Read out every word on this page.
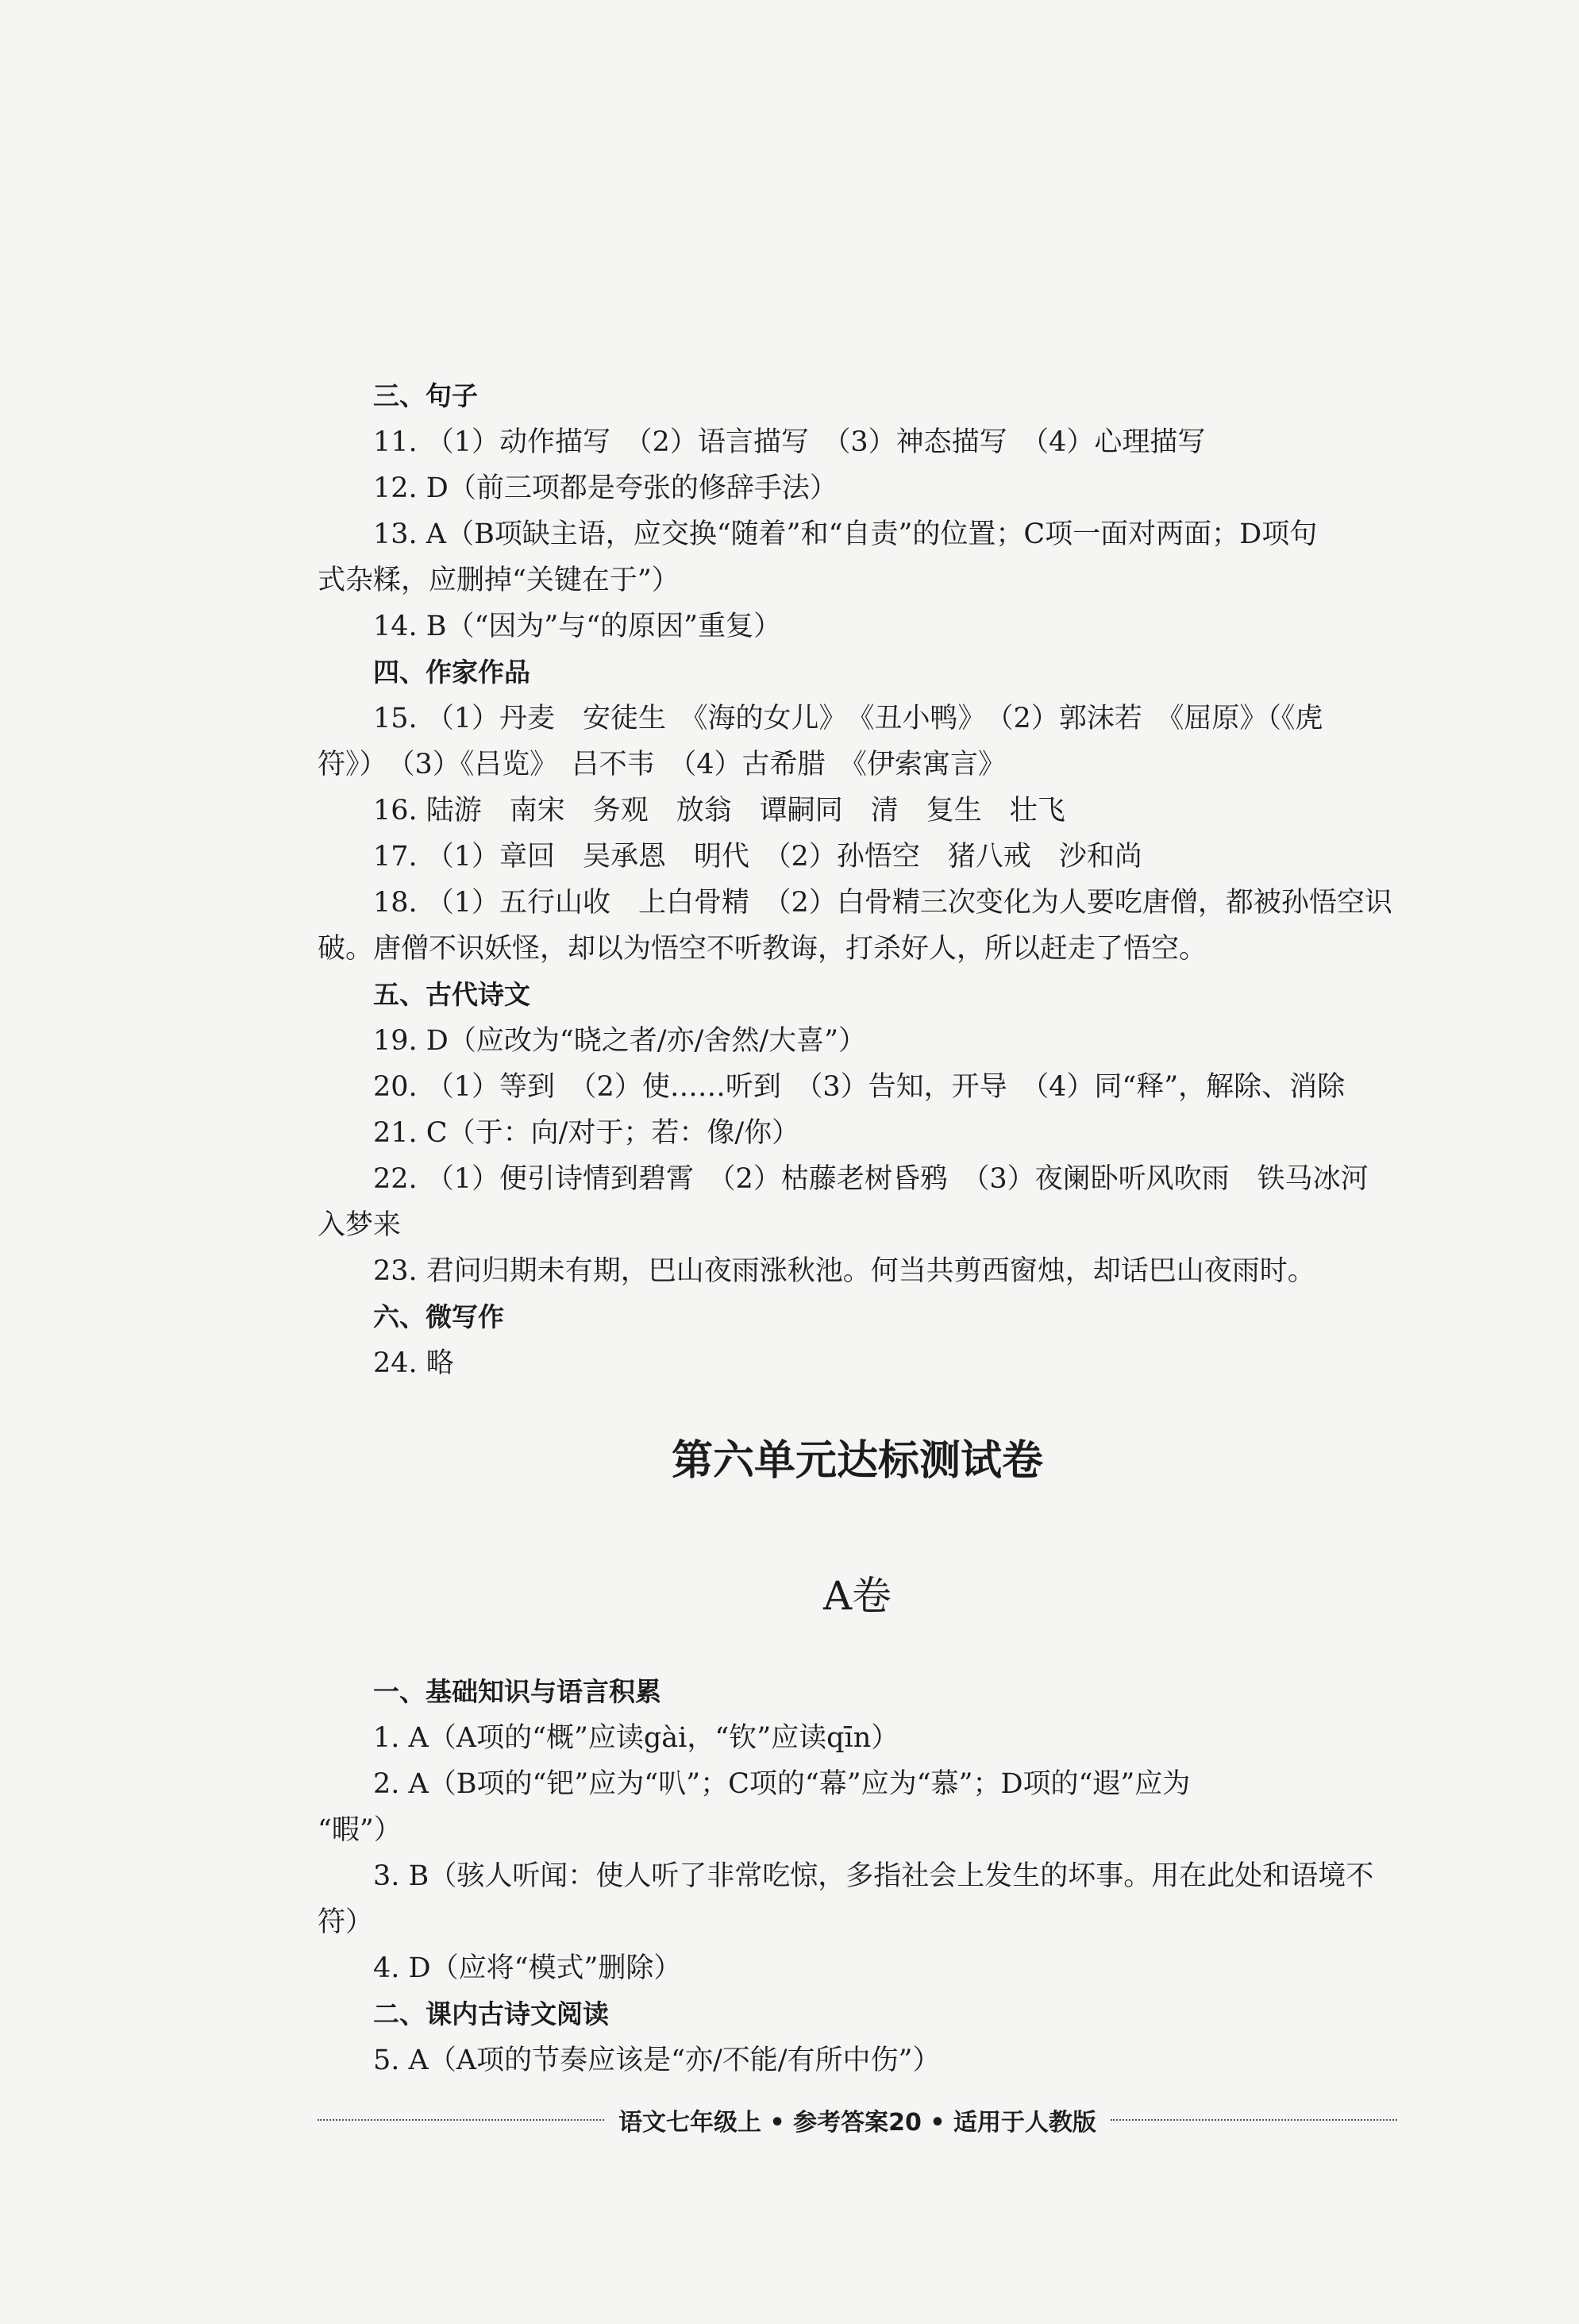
三、句子
11. （1）动作描写　（2）语言描写　（3）神态描写　（4）心理描写
12. D（前三项都是夸张的修辞手法）
13. A（B项缺主语，应交换“随着”和“自责”的位置；C项一面对两面；D项句
式杂糅，应删掉“关键在于”）
14. B（“因为”与“的原因”重复）
四、作家作品
15. （1）丹麦　安徒生　《海的女儿》　《丑小鸭》　（2）郭沫若　《屈原》（《虎
符》）　（3）《吕览》　吕不韦　（4）古希腊　《伊索寓言》
16. 陆游　南宋　务观　放翁　谭嗣同　清　复生　壮飞
17. （1）章回　吴承恩　明代　（2）孙悟空　猪八戒　沙和尚
18. （1）五行山收　上白骨精　（2）白骨精三次变化为人要吃唐僧，都被孙悟空识
破。唐僧不识妖怪，却以为悟空不听教诲，打杀好人，所以赶走了悟空。
五、古代诗文
19. D（应改为“晓之者/亦/舍然/大喜”）
20. （1）等到　（2）使……听到　（3）告知，开导　（4）同“释”，解除、消除
21. C（于：向/对于；若：像/你）
22. （1）便引诗情到碧霄　（2）枯藤老树昏鸦　（3）夜阑卧听风吹雨　铁马冰河
入梦来
23. 君问归期未有期，巴山夜雨涨秋池。何当共剪西窗烛，却话巴山夜雨时。
六、微写作
24. 略
第六单元达标测试卷
A卷
一、基础知识与语言积累
1. A（A项的“概”应读gài，“钦”应读qīn）
2. A（B项的“钯”应为“叭”；C项的“幕”应为“慕”；D项的“遐”应为
“暇”）
3. B（骇人听闻：使人听了非常吃惊，多指社会上发生的坏事。用在此处和语境不
符）
4. D（应将“模式”删除）
二、课内古诗文阅读
5. A（A项的节奏应该是“亦/不能/有所中伤”）
语文七年级上 • 参考答案20 • 适用于人教版
